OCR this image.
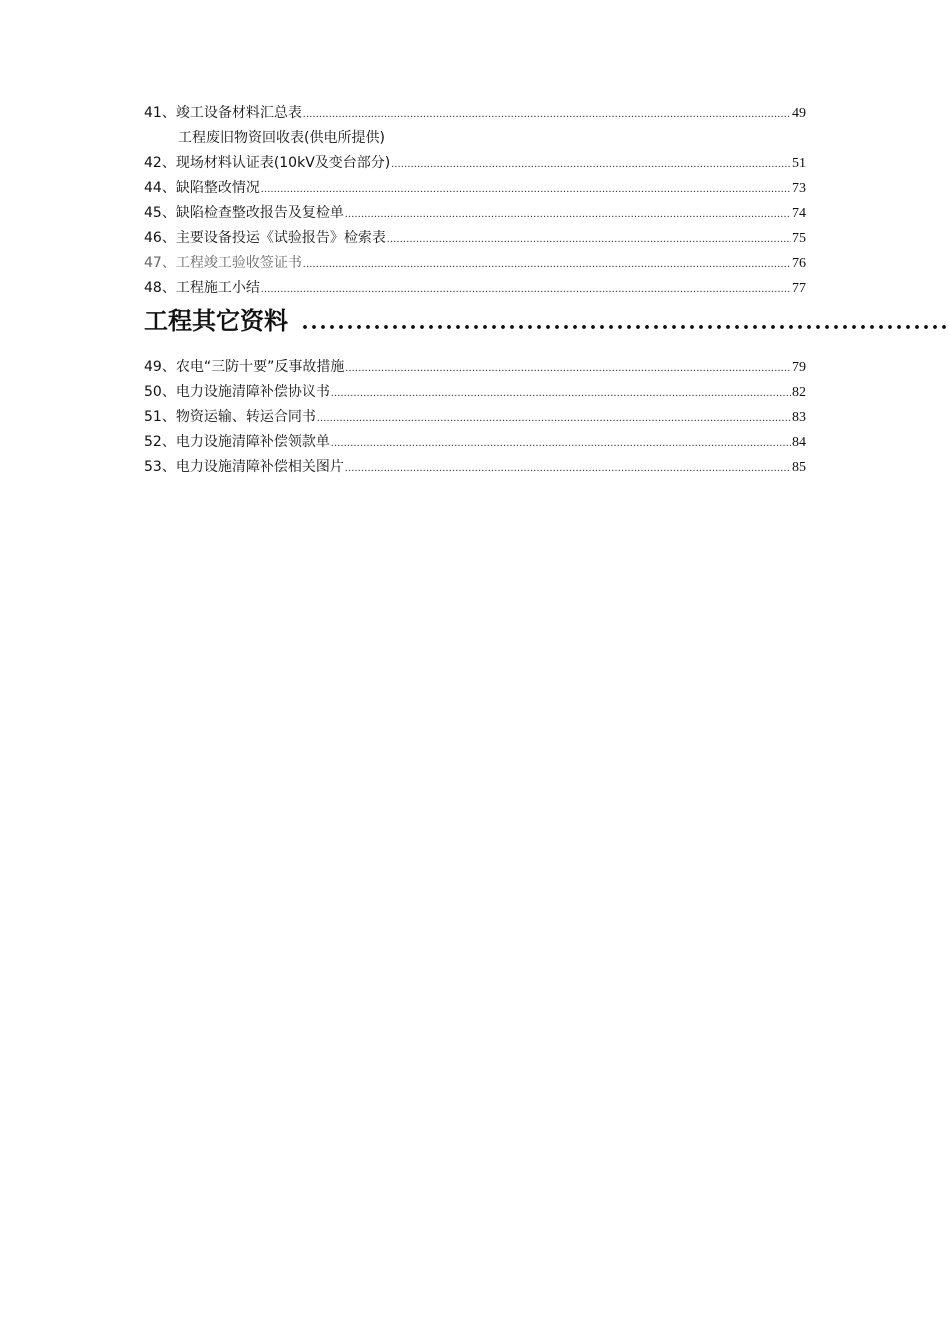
41、竣工设备材料汇总表 .....	49
工程废旧物资回收表(供电所提供)
42、现场材料认证表(10kV及变台部分) .....	51
44、缺陷整改情况 .....	73
45、缺陷检查整改报告及复检单 .....	74
46、主要设备投运《试验报告》检索表 .....	75
47、工程竣工验收签证书 .....	76
48、工程施工小结 .....	77
工程其它资料
.....
49、农电“三防十要”反事故措施 .....	79
50、电力设施清障补偿协议书 .....	82
51、物资运输、转运合同书 .....	83
52、电力设施清障补偿领款单 .....	84
53、电力设施清障补偿相关图片 .....	85
